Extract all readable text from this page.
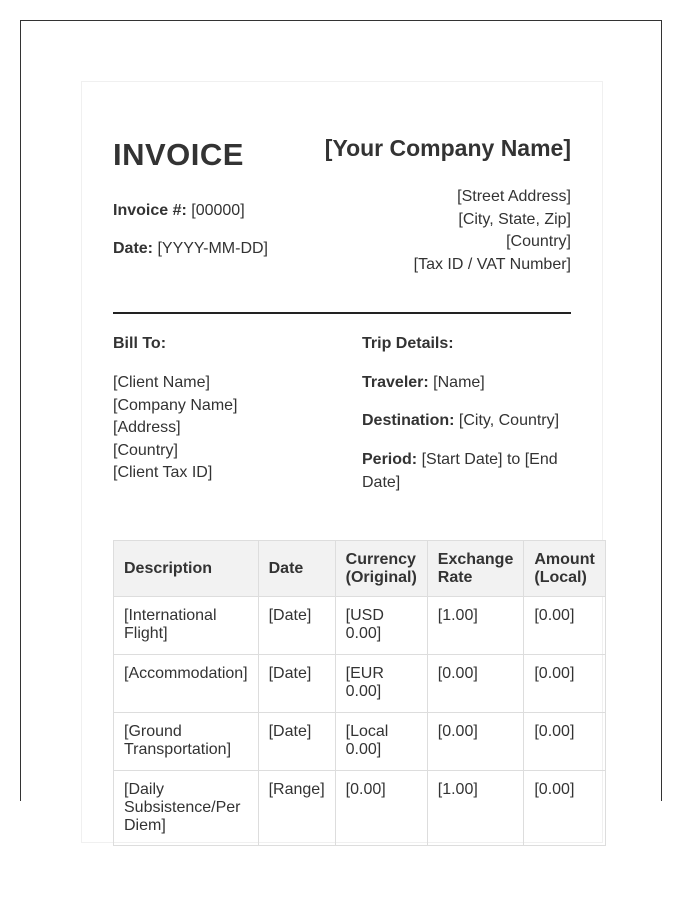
INVOICE	[Your Company Name]
Invoice #: [00000]
Date: [YYYY-MM-DD]
[Street Address]
[City, State, Zip]
[Country]
[Tax ID / VAT Number]
Bill To:
[Client Name]
[Company Name]
[Address]
[Country]
[Client Tax ID]
Trip Details:
Traveler: [Name]
Destination: [City, Country]
Period: [Start Date] to [End Date]
Description	Date	Currency (Original)	Exchange Rate	Amount (Local)
[International Flight]	[Date]	[USD 0.00]	[1.00]	[0.00]
[Accommodation]	[Date]	[EUR 0.00]	[0.00]	[0.00]
[Ground Transportation]	[Date]	[Local 0.00]	[0.00]	[0.00]
[Daily Subsistence/Per Diem]	[Range]	[0.00]	[1.00]	[0.00]
